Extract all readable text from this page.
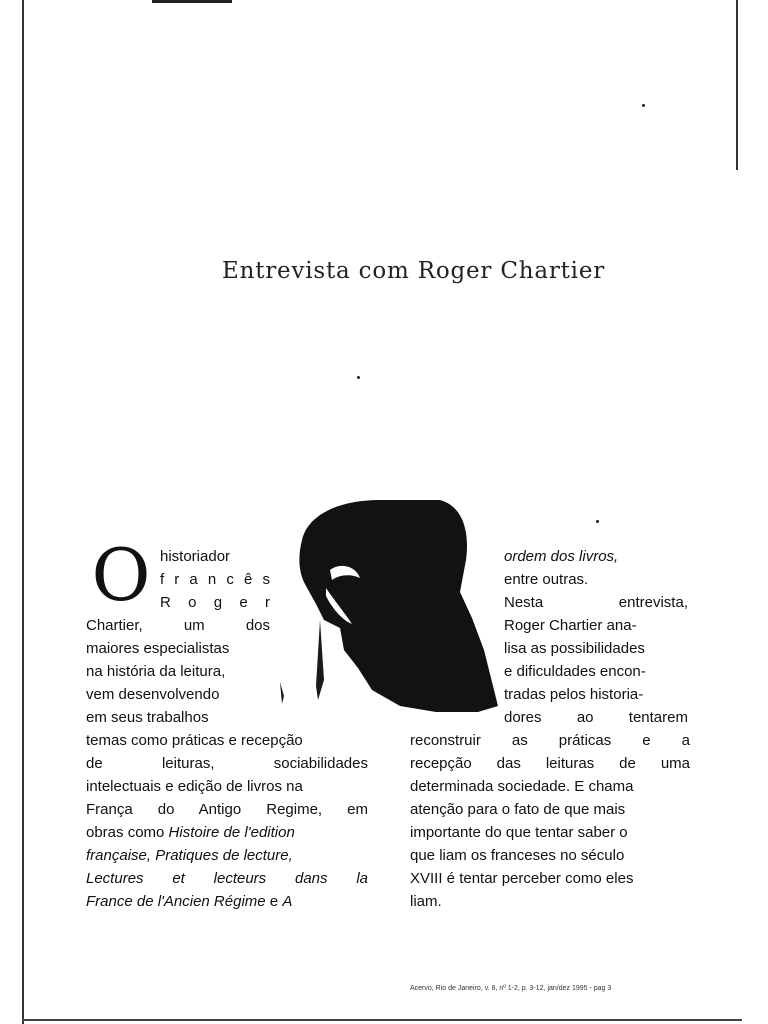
Entrevista com Roger Chartier
O historiador
f r a n c ê s
R o g e r
Chartier, um dos
maiores especialistas
na história da leitura,
vem desenvolvendo
em seus trabalhos
temas como práticas e recepção
de leituras, sociabilidades
intelectuais e edição de livros na
França do Antigo Regime, em
obras como Histoire de l'edition
française, Pratiques de lecture,
Lectures et lecteurs dans la
France de l'Ancien Régime e A
ordem dos livros,
entre outras.
Nesta entrevista,
Roger Chartier ana-
lisa as possibilidades
e dificuldades encon-
tradas pelos historia-
dores ao tentarem
reconstruir as práticas e a
recepção das leituras de uma
determinada sociedade. E chama
atenção para o fato de que mais
importante do que tentar saber o
que liam os franceses no século
XVIII é tentar perceber como eles
liam.
Acervo, Rio de Janeiro, v. 8, nº 1-2, p. 3-12, jan/dez 1995 - pag 3
